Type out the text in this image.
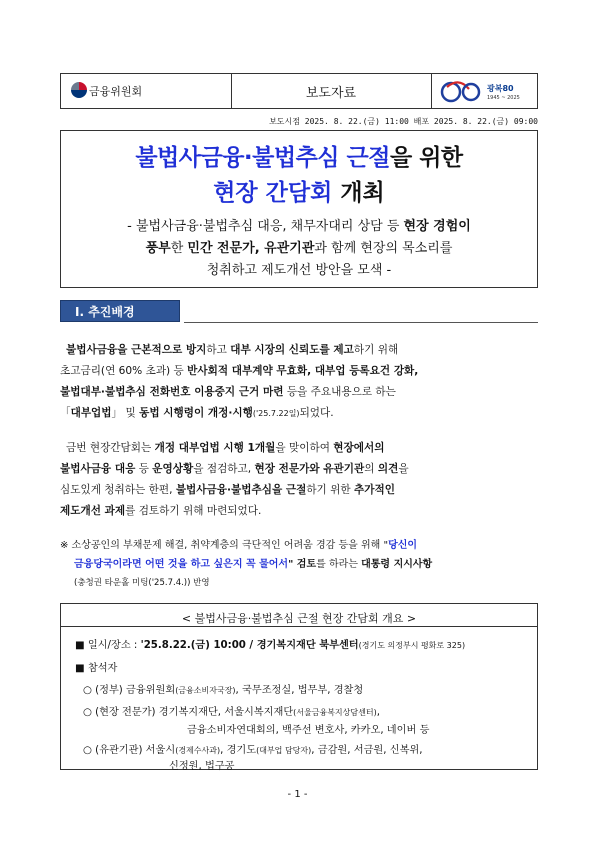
금융위원회	보도자료	광복80
1945 ~ 2025
보도시점 2025. 8. 22.(금) 11:00 배포 2025. 8. 22.(금) 09:00
불법사금융·불법추심 근절을 위한
현장 간담회 개최
- 불법사금융·불법추심 대응, 채무자대리 상담 등 현장 경험이
풍부한 민간 전문가, 유관기관과 함께 현장의 목소리를
청취하고 제도개선 방안을 모색 -
Ⅰ. 추진배경
불법사금융을 근본적으로 방지하고 대부 시장의 신뢰도를 제고하기 위해
초고금리(연 60% 초과) 등 반사회적 대부계약 무효화, 대부업 등록요건 강화,
불법대부·불법추심 전화번호 이용중지 근거 마련 등을 주요내용으로 하는
「대부업법」 및 동법 시행령이 개정·시행('25.7.22일)되었다.
금번 현장간담회는 개정 대부업법 시행 1개월을 맞이하여 현장에서의
불법사금융 대응 등 운영상황을 점검하고, 현장 전문가와 유관기관의 의견을
심도있게 청취하는 한편, 불법사금융·불법추심을 근절하기 위한 추가적인
제도개선 과제를 검토하기 위해 마련되었다.
※ 소상공인의 부채문제 해결, 취약계층의 극단적인 어려움 경감 등을 위해 "당신이
금융당국이라면 어떤 것을 하고 싶은지 꼭 물어서" 검토를 하라는 대통령 지시사항
(충청권 타운홀 미팅('25.7.4.)) 반영
< 불법사금융·불법추심 근절 현장 간담회 개요 >
■ 일시/장소 : '25.8.22.(금) 10:00 / 경기복지재단 북부센터(경기도 의정부시 평화로 325)
■ 참석자
○ (정부) 금융위원회(금융소비자국장), 국무조정실, 법무부, 경찰청
○ (현장 전문가) 경기복지재단, 서울시복지재단(서울금융복지상담센터),
금융소비자연대회의, 백주선 변호사, 카카오, 네이버 등
○ (유관기관) 서울시(경제수사과), 경기도(대부업 담당자), 금감원, 서금원, 신복위,
신정원, 법구공
- 1 -
